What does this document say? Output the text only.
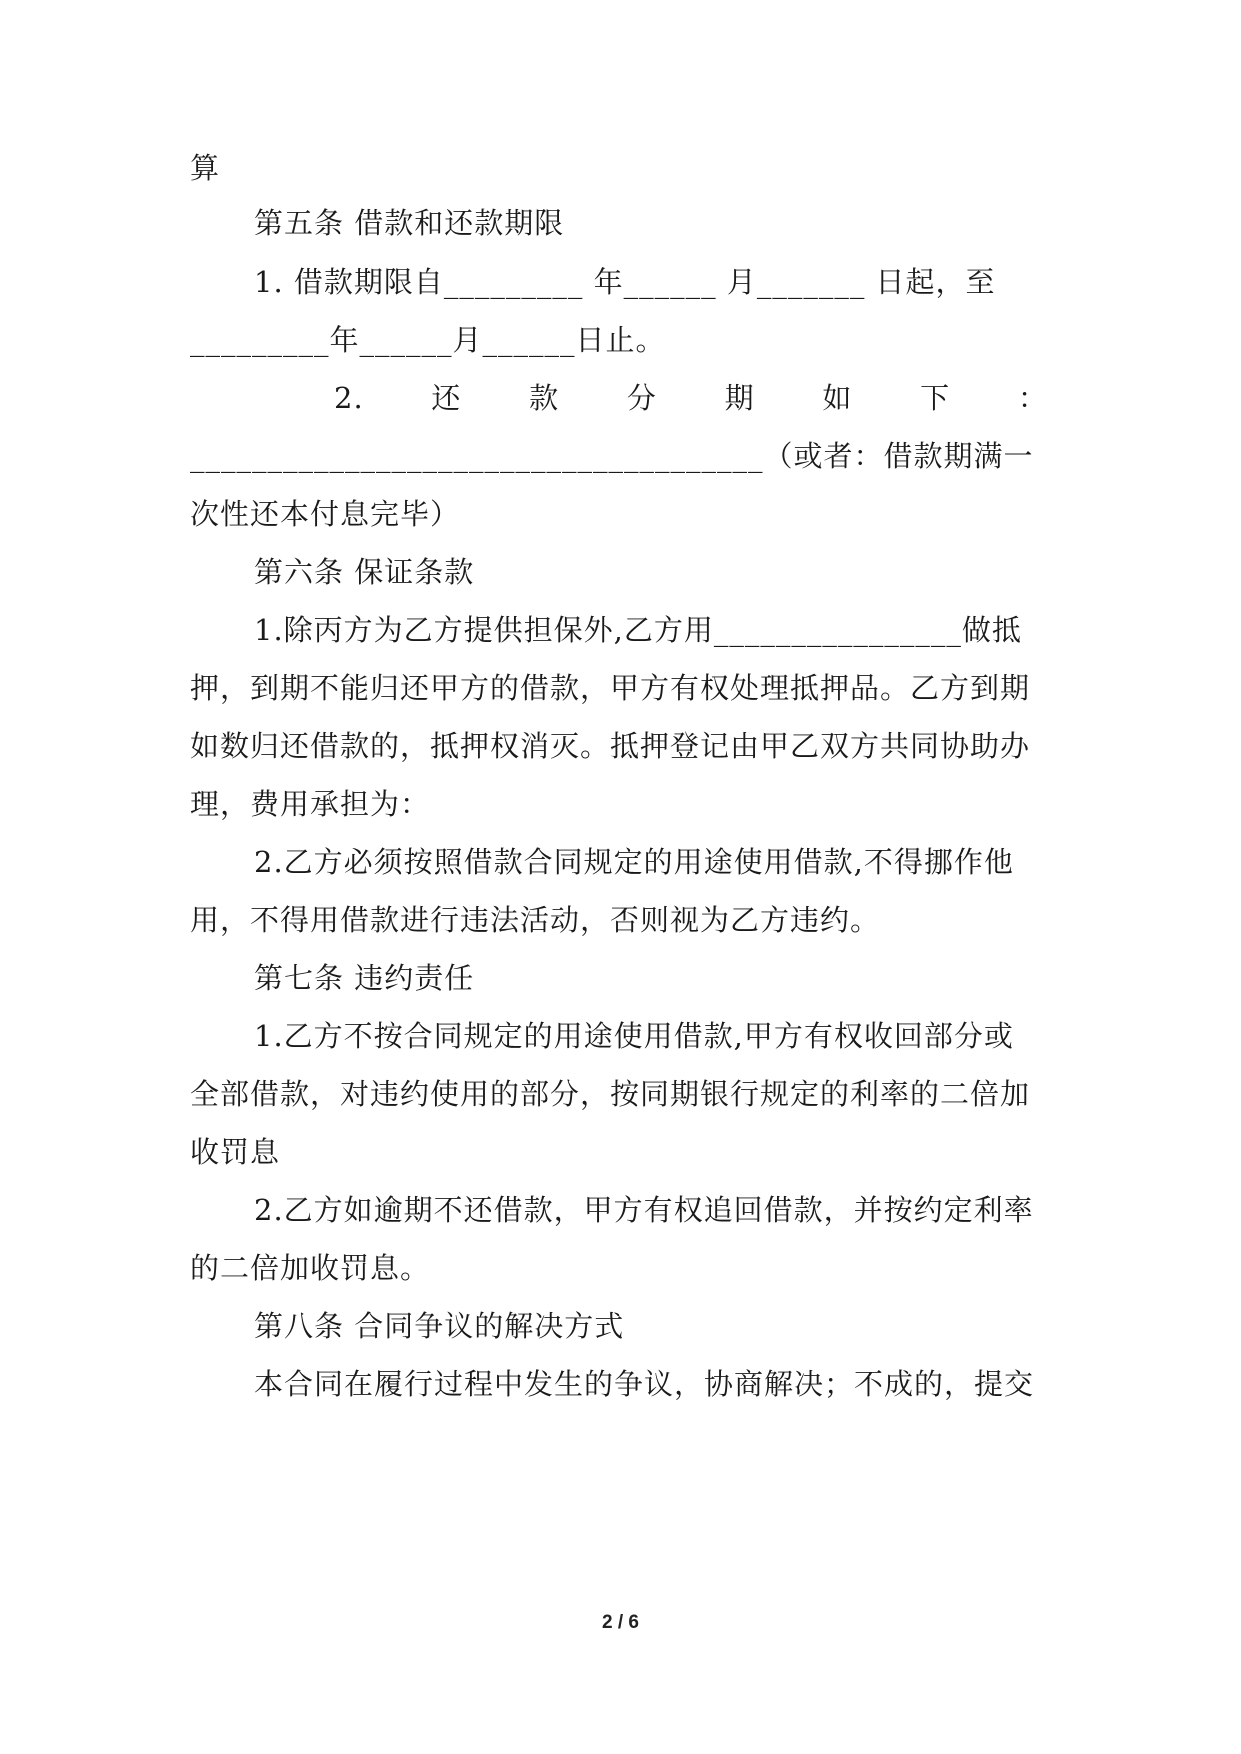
算
第五条 借款和还款期限
1. 借款期限自_________ 年______ 月_______ 日起，至
_________年______月______日止。
2. 还 款 分 期 如 下 ：
_____________________________________（或者：借款期满一
次性还本付息完毕）
第六条 保证条款
1.除丙方为乙方提供担保外,乙方用________________做抵
押，到期不能归还甲方的借款，甲方有权处理抵押品。乙方到期
如数归还借款的，抵押权消灭。抵押登记由甲乙双方共同协助办
理，费用承担为：
2.乙方必须按照借款合同规定的用途使用借款,不得挪作他
用，不得用借款进行违法活动，否则视为乙方违约。
第七条 违约责任
1.乙方不按合同规定的用途使用借款,甲方有权收回部分或
全部借款，对违约使用的部分，按同期银行规定的利率的二倍加
收罚息
2.乙方如逾期不还借款，甲方有权追回借款，并按约定利率
的二倍加收罚息。
第八条 合同争议的解决方式
本合同在履行过程中发生的争议，协商解决；不成的，提交
2 / 6
